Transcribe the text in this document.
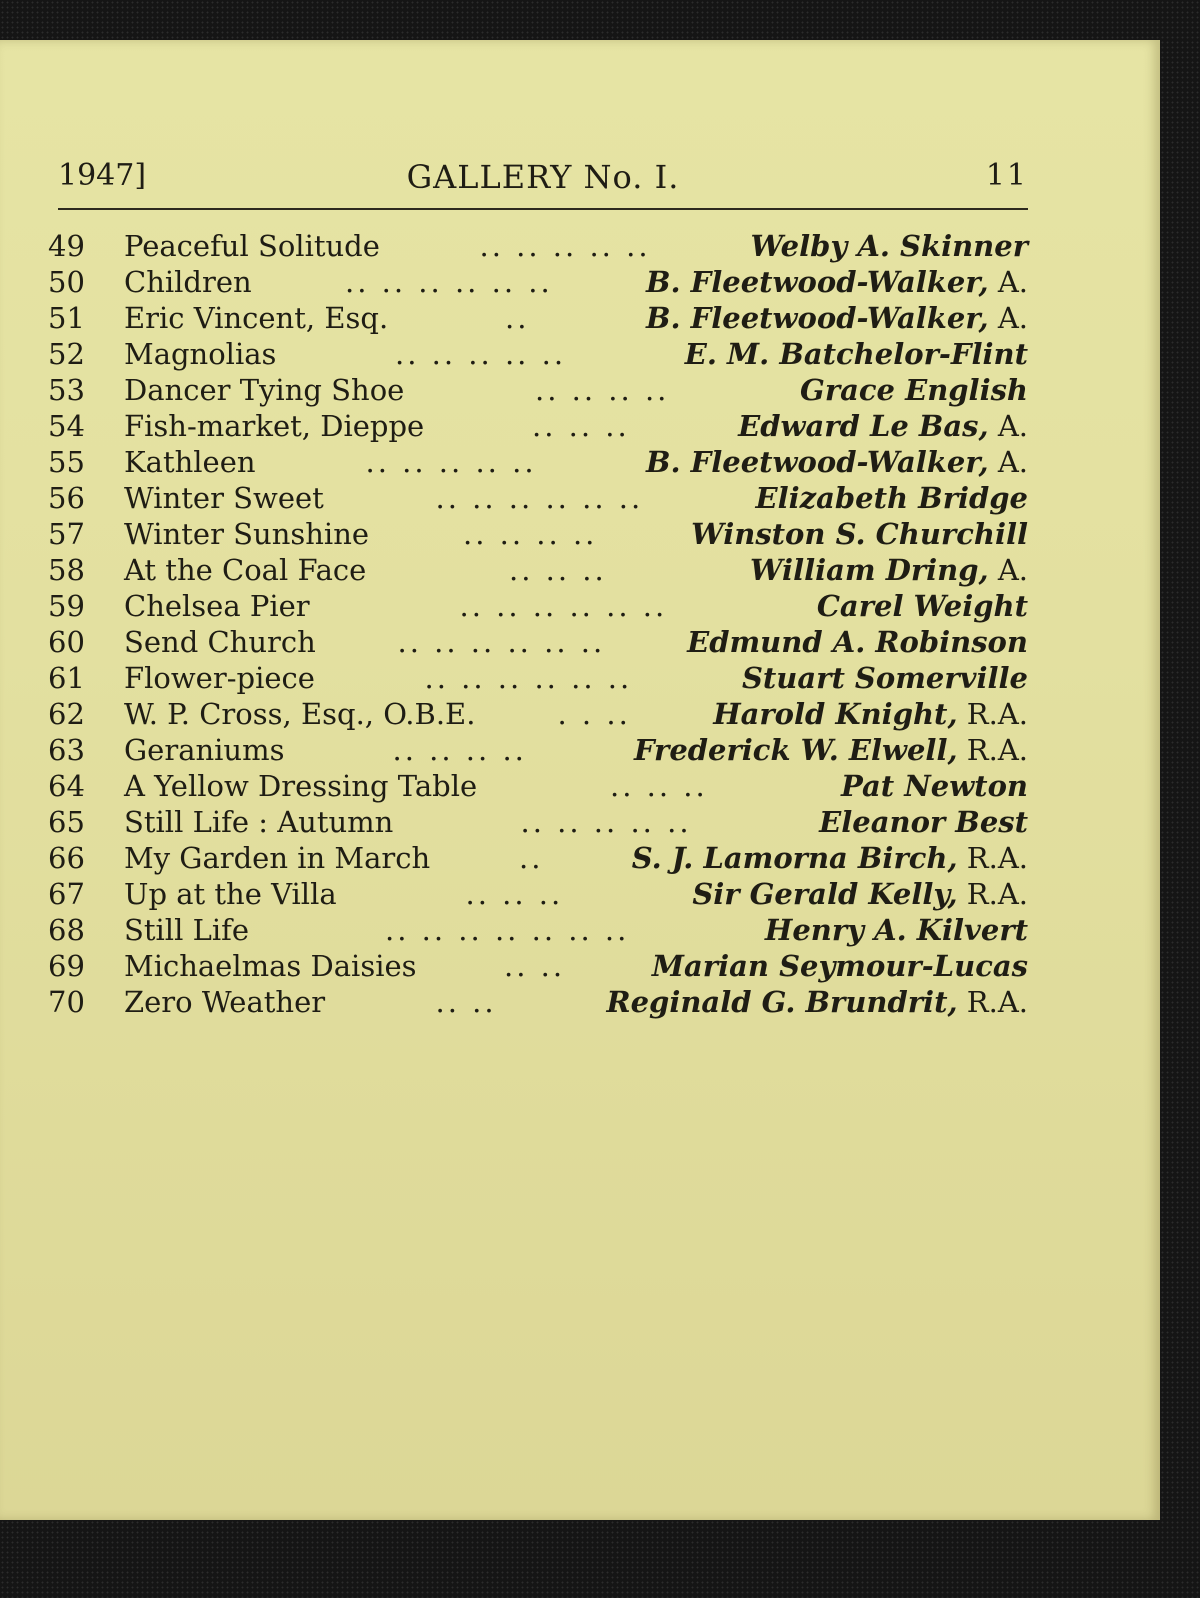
1947]	GALLERY No. I.	11
49	Peaceful Solitude	.. .. .. .. ..	Welby A. Skinner
50	Children	.. .. .. .. .. ..	B. Fleetwood-Walker, A.
51	Eric Vincent, Esq.	..	B. Fleetwood-Walker, A.
52	Magnolias	.. .. .. .. ..	E. M. Batchelor-Flint
53	Dancer Tying Shoe	.. .. .. ..	Grace English
54	Fish-market, Dieppe	.. .. ..	Edward Le Bas, A.
55	Kathleen	.. .. .. .. ..	B. Fleetwood-Walker, A.
56	Winter Sweet	.. .. .. .. .. ..	Elizabeth Bridge
57	Winter Sunshine	.. .. .. ..	Winston S. Churchill
58	At the Coal Face	.. .. ..	William Dring, A.
59	Chelsea Pier	.. .. .. .. .. ..	Carel Weight
60	Send Church	.. .. .. .. .. ..	Edmund A. Robinson
61	Flower-piece	.. .. .. .. .. ..	Stuart Somerville
62	W. P. Cross, Esq., O.B.E.	. . ..	Harold Knight, R.A.
63	Geraniums	.. .. .. ..	Frederick W. Elwell, R.A.
64	A Yellow Dressing Table	.. .. ..	Pat Newton
65	Still Life : Autumn	.. .. .. .. ..	Eleanor Best
66	My Garden in March	..	S. J. Lamorna Birch, R.A.
67	Up at the Villa	.. .. ..	Sir Gerald Kelly, R.A.
68	Still Life	.. .. .. .. .. .. ..	Henry A. Kilvert
69	Michaelmas Daisies	.. ..	Marian Seymour-Lucas
70	Zero Weather	.. ..	Reginald G. Brundrit, R.A.
